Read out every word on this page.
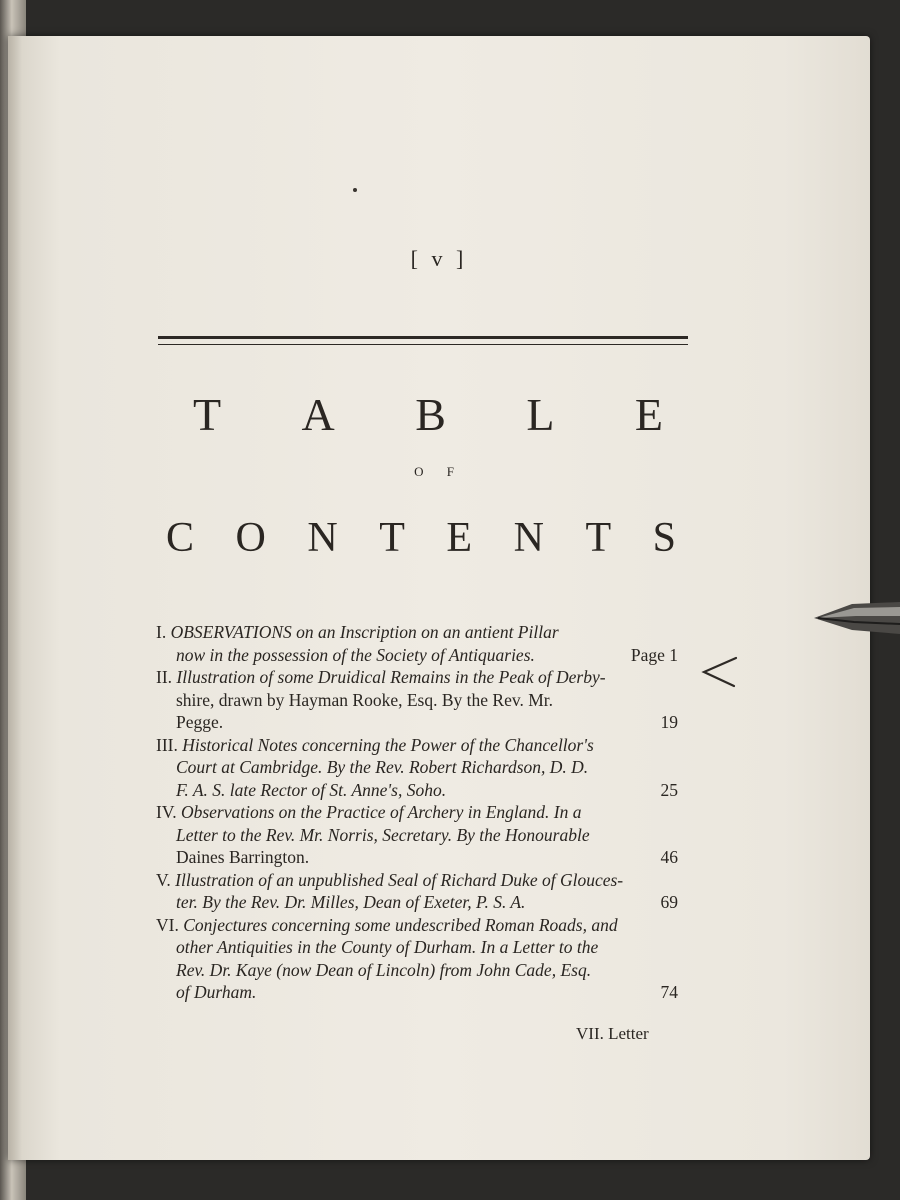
[ v ]
T A B L E
O F
C O N T E N T S
I. OBSERVATIONS on an Inscription on an antient Pillar
now in the possession of the Society of Antiquaries.	Page 1
II. Illustration of some Druidical Remains in the Peak of Derby-
shire, drawn by Hayman Rooke, Esq. By the Rev. Mr.
Pegge.	19
III. Historical Notes concerning the Power of the Chancellor's
Court at Cambridge. By the Rev. Robert Richardson, D. D.
F. A. S. late Rector of St. Anne's, Soho.	25
IV. Observations on the Practice of Archery in England. In a
Letter to the Rev. Mr. Norris, Secretary. By the Honourable
Daines Barrington.	46
V. Illustration of an unpublished Seal of Richard Duke of Glouces-
ter. By the Rev. Dr. Milles, Dean of Exeter, P. S. A.	69
VI. Conjectures concerning some undescribed Roman Roads, and
other Antiquities in the County of Durham. In a Letter to the
Rev. Dr. Kaye (now Dean of Lincoln) from John Cade, Esq.
of Durham.	74
VII. Letter
